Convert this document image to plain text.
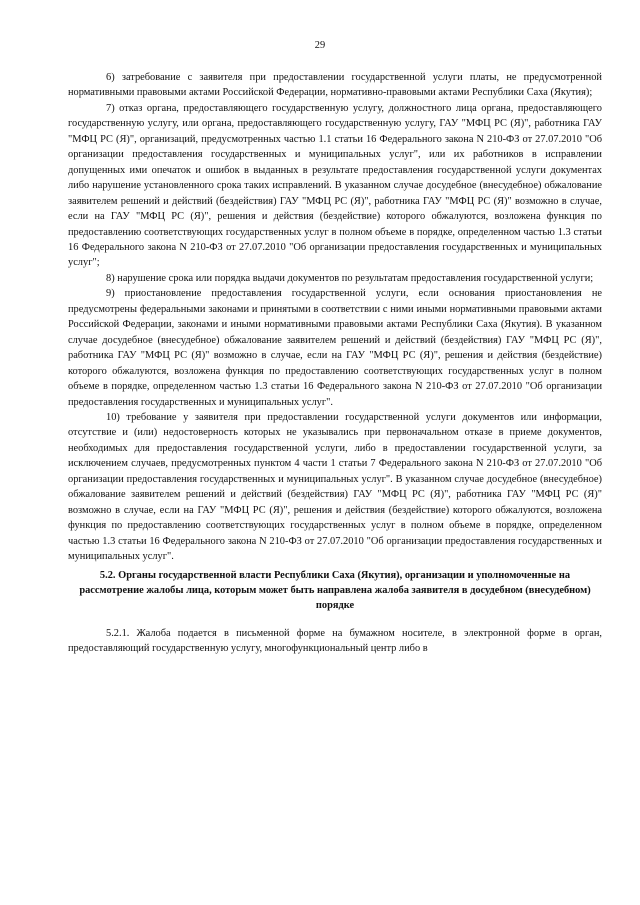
29

6) затребование с заявителя при предоставлении государственной услуги платы, не предусмотренной нормативными правовыми актами Российской Федерации, нормативно-правовыми актами Республики Саха (Якутия);

7) отказ органа, предоставляющего государственную услугу, должностного лица органа, предоставляющего государственную услугу, или органа, предоставляющего государственную услугу, ГАУ "МФЦ РС (Я)", работника ГАУ "МФЦ РС (Я)", организаций, предусмотренных частью 1.1 статьи 16 Федерального закона N 210-ФЗ от 27.07.2010 "Об организации предоставления государственных и муниципальных услуг", или их работников в исправлении допущенных ими опечаток и ошибок в выданных в результате предоставления государственной услуги документах либо нарушение установленного срока таких исправлений. В указанном случае досудебное (внесудебное) обжалование заявителем решений и действий (бездействия) ГАУ "МФЦ РС (Я)", работника ГАУ "МФЦ РС (Я)" возможно в случае, если на ГАУ "МФЦ РС (Я)", решения и действия (бездействие) которого обжалуются, возложена функция по предоставлению соответствующих государственных услуг в полном объеме в порядке, определенном частью 1.3 статьи 16 Федерального закона N 210-ФЗ от 27.07.2010 "Об организации предоставления государственных и муниципальных услуг";

8) нарушение срока или порядка выдачи документов по результатам предоставления государственной услуги;

9) приостановление предоставления государственной услуги, если основания приостановления не предусмотрены федеральными законами и принятыми в соответствии с ними иными нормативными правовыми актами Российской Федерации, законами и иными нормативными правовыми актами Республики Саха (Якутия). В указанном случае досудебное (внесудебное) обжалование заявителем решений и действий (бездействия) ГАУ "МФЦ РС (Я)", работника ГАУ "МФЦ РС (Я)" возможно в случае, если на ГАУ "МФЦ РС (Я)", решения и действия (бездействие) которого обжалуются, возложена функция по предоставлению соответствующих государственных услуг в полном объеме в порядке, определенном частью 1.3 статьи 16 Федерального закона N 210-ФЗ от 27.07.2010 "Об организации предоставления государственных и муниципальных услуг".

10) требование у заявителя при предоставлении государственной услуги документов или информации, отсутствие и (или) недостоверность которых не указывались при первоначальном отказе в приеме документов, необходимых для предоставления государственной услуги, либо в предоставлении государственной услуги, за исключением случаев, предусмотренных пунктом 4 части 1 статьи 7 Федерального закона N 210-ФЗ от 27.07.2010 "Об организации предоставления государственных и муниципальных услуг". В указанном случае досудебное (внесудебное) обжалование заявителем решений и действий (бездействия) ГАУ "МФЦ РС (Я)", работника ГАУ "МФЦ РС (Я)" возможно в случае, если на ГАУ "МФЦ РС (Я)", решения и действия (бездействие) которого обжалуются, возложена функция по предоставлению соответствующих государственных услуг в полном объеме в порядке, определенном частью 1.3 статьи 16 Федерального закона N 210-ФЗ от 27.07.2010 "Об организации предоставления государственных и муниципальных услуг".

5.2. Органы государственной власти Республики Саха (Якутия), организации и уполномоченные на рассмотрение жалобы лица, которым может быть направлена жалоба заявителя в досудебном (внесудебном) порядке

5.2.1. Жалоба подается в письменной форме на бумажном носителе, в электронной форме в орган, предоставляющий государственную услугу, многофункциональный центр либо в
